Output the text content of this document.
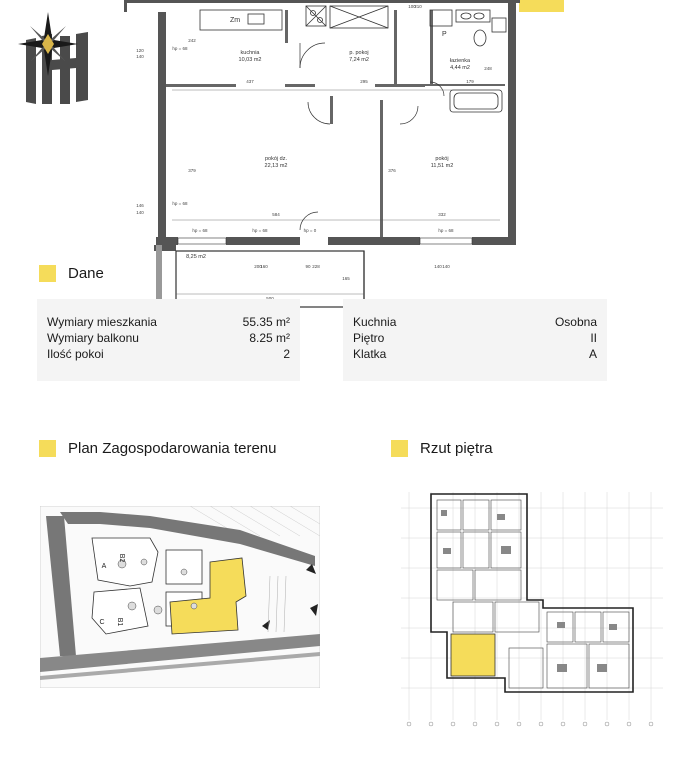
kuchnia
10,03 m2
p. pokoj
7,24 m2	łazienka
4,44 m2
pokój dz.
22,13 m2
pokój
11,51 m2
8,25 m2
Zm
P
437	295	179
584	332
120
140
146
140
hp = 68	hp = 0	hp = 68
200
160	90 228	140 140
165
100
210
242
248
379	376
hp = 68
hp = 68
hp = 68
Dane
Wymiary mieszkania	55.35 m²
Wymiary balkonu	8.25 m²
Ilość pokoi	2
Kuchnia	Osobna
Piętro	II
Klatka	A
Plan Zagospodarowania terenu
B2
B1
A
C
Rzut piętra
